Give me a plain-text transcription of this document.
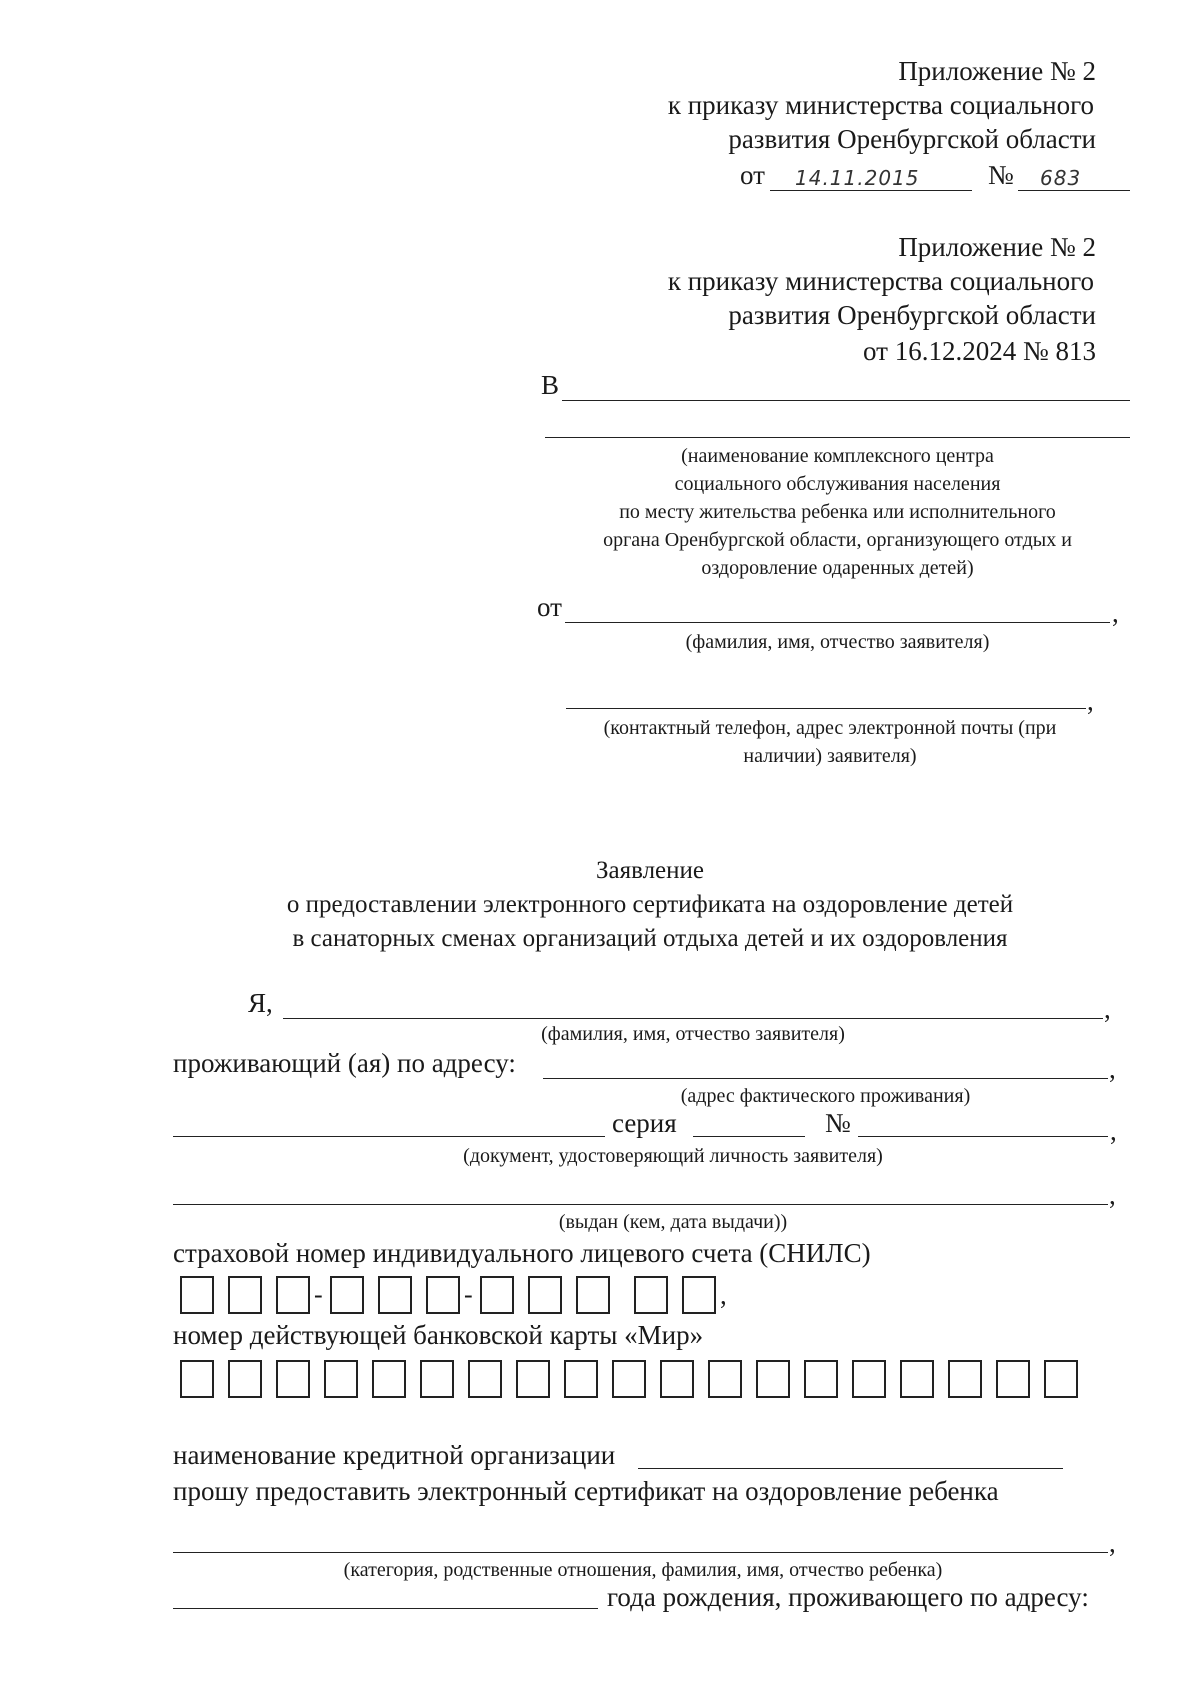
Приложение № 2
к приказу министерства социального
развития Оренбургской области
от 14.11.2015	№ 683
Приложение № 2
к приказу министерства социального
развития Оренбургской области
от 16.12.2024 № 813
В
(наименование комплексного центра
социального обслуживания населения
по месту жительства ребенка или исполнительного
органа Оренбургской области, организующего отдых и
оздоровление одаренных детей)
от	,
(фамилия, имя, отчество заявителя)
,
(контактный телефон, адрес электронной почты (при
наличии) заявителя)
Заявление
о предоставлении электронного сертификата на оздоровление детей
в санаторных сменах организаций отдыха детей и их оздоровления
Я,	,
(фамилия, имя, отчество заявителя)
проживающий (ая) по адресу:	,
(адрес фактического проживания)
серия	№	,
(документ, удостоверяющий личность заявителя)
,
(выдан (кем, дата выдачи))
страховой номер индивидуального лицевого счета (СНИЛС)
-	-	,
номер действующей банковской карты «Мир»
наименование кредитной организации
прошу предоставить электронный сертификат на оздоровление ребенка
,
(категория, родственные отношения, фамилия, имя, отчество ребенка)
года рождения, проживающего по адресу:
